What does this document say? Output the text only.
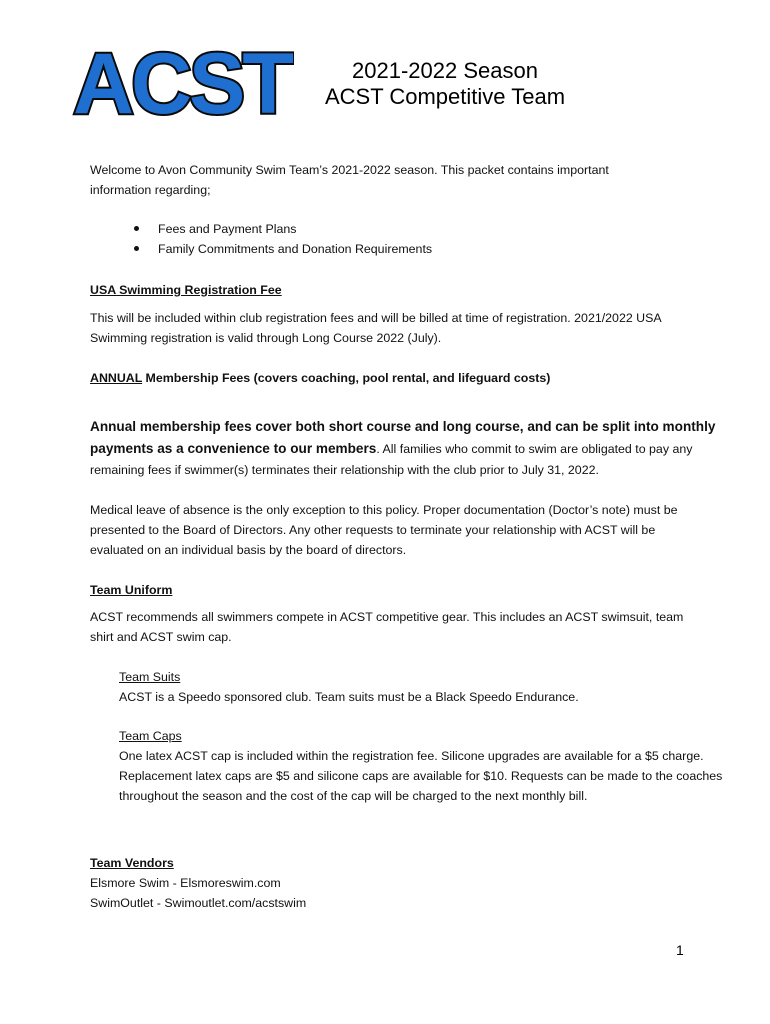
ACST	2021-2022 Season
ACST Competitive Team
Welcome to Avon Community Swim Team’s 2021-2022 season. This packet contains important information regarding;
Fees and Payment Plans
Family Commitments and Donation Requirements
USA Swimming Registration Fee
This will be included within club registration fees and will be billed at time of registration. 2021/2022 USA Swimming registration is valid through Long Course 2022 (July).
ANNUAL Membership Fees (covers coaching, pool rental, and lifeguard costs)
Annual membership fees cover both short course and long course, and can be split into monthly payments as a convenience to our members. All families who commit to swim are obligated to pay any remaining fees if swimmer(s) terminates their relationship with the club prior to July 31, 2022.
Medical leave of absence is the only exception to this policy. Proper documentation (Doctor’s note) must be presented to the Board of Directors. Any other requests to terminate your relationship with ACST will be evaluated on an individual basis by the board of directors.
Team Uniform
ACST recommends all swimmers compete in ACST competitive gear. This includes an ACST swimsuit, team shirt and ACST swim cap.
Team Suits
ACST is a Speedo sponsored club. Team suits must be a Black Speedo Endurance.
Team Caps
One latex ACST cap is included within the registration fee. Silicone upgrades are available for a $5 charge. Replacement latex caps are $5 and silicone caps are available for $10. Requests can be made to the coaches throughout the season and the cost of the cap will be charged to the next monthly bill.
Team Vendors
Elsmore Swim - Elsmoreswim.com
SwimOutlet - Swimoutlet.com/acstswim
1
